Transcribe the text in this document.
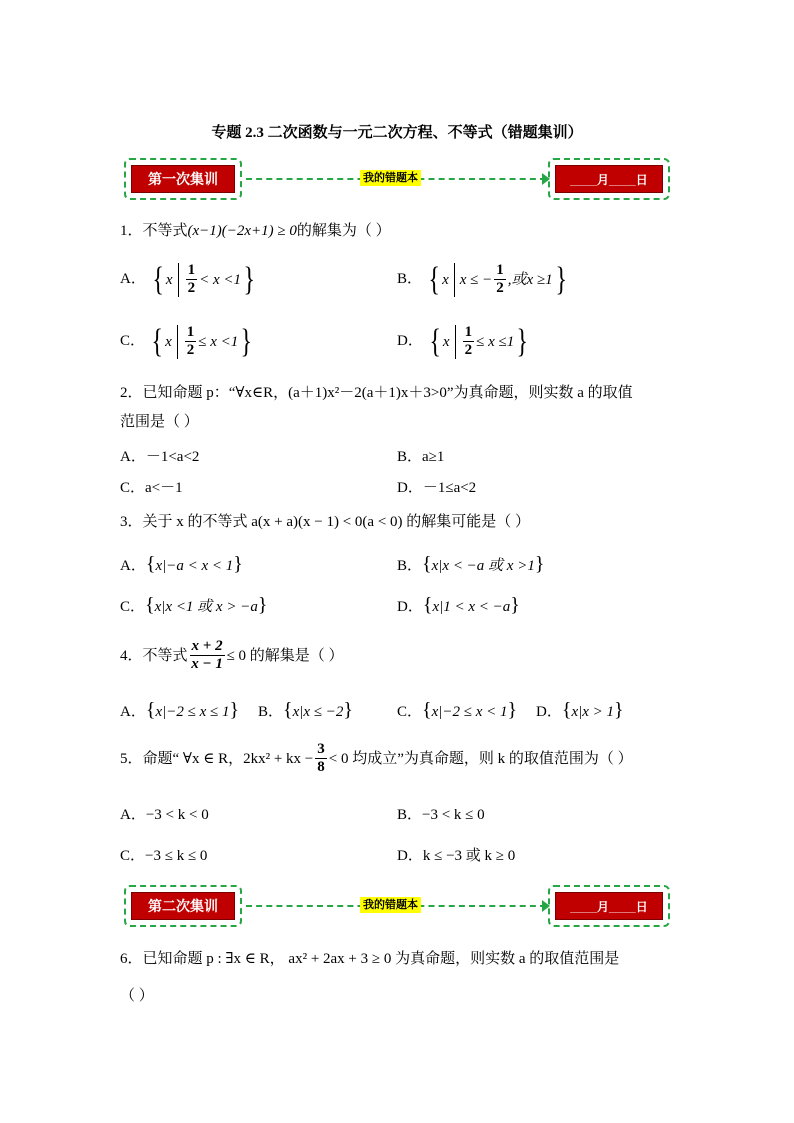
专题 2.3 二次函数与一元二次方程、不等式（错题集训）
第一次集训	我的错题本	____月____日
1．不等式(x−1)(−2x+1) ≥ 0的解集为（ ）
A． { x $\frac{1}{2} < x <1$ }	B． { x x ≤ − $\frac{1}{2}$ ,或x ≥1 }
C． { x $\frac{1}{2} \le x <1$ }	D． { x $\frac{1}{2} \le x \le 1$ }
2．已知命题 p：“∀x∈R，(a＋1)x²－2(a＋1)x＋3>0”为真命题，则实数 a 的取值
范围是（ ）
A．－1<a<2	B．a≥1
C．a<－1	D．－1≤a<2
3．关于 x 的不等式 a(x + a)(x − 1) < 0(a < 0) 的解集可能是（ ）
A．{x|−a < x < 1}	B．{x|x < −a 或 x >1}
C．{x|x <1 或 x > −a}	D．{x|1 < x < −a}
4．不等式 $\frac{x + 2}{x - 1} \le 0$ 的解集是（ ）
A．{x|−2 ≤ x ≤ 1} B．{x|x ≤ −2}	C．{x|−2 ≤ x < 1} D．{x|x > 1}
5．命题“ ∀x ∈ R，2kx² + kx − $\frac{3}{8} < 0$ 均成立”为真命题，则 k 的取值范围为（ ）
A．−3 < k < 0	B．−3 < k ≤ 0
C．−3 ≤ k ≤ 0	D．k ≤ −3 或 k ≥ 0
第二次集训	我的错题本	____月____日
6．已知命题 p : ∃x ∈ R， ax² + 2ax + 3 ≥ 0 为真命题，则实数 a 的取值范围是
（ ）
